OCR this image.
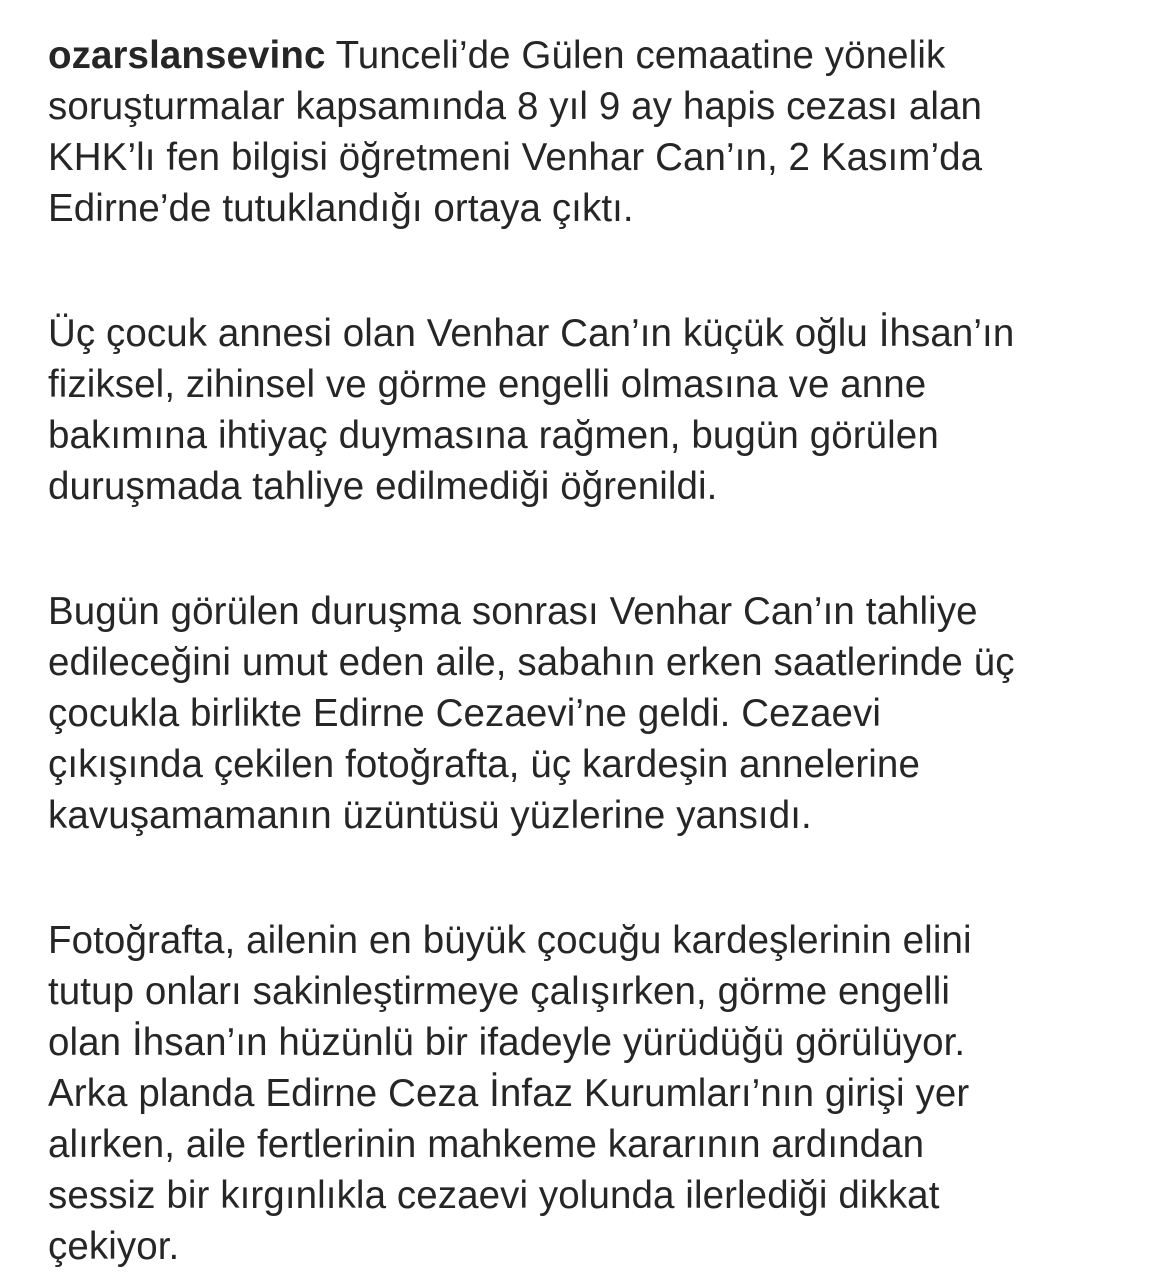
ozarslansevinc Tunceli’de Gülen cemaatine yönelik
soruşturmalar kapsamında 8 yıl 9 ay hapis cezası alan
KHK’lı fen bilgisi öğretmeni Venhar Can’ın, 2 Kasım’da
Edirne’de tutuklandığı ortaya çıktı.

Üç çocuk annesi olan Venhar Can’ın küçük oğlu İhsan’ın
fiziksel, zihinsel ve görme engelli olmasına ve anne
bakımına ihtiyaç duymasına rağmen, bugün görülen
duruşmada tahliye edilmediği öğrenildi.

Bugün görülen duruşma sonrası Venhar Can’ın tahliye
edileceğini umut eden aile, sabahın erken saatlerinde üç
çocukla birlikte Edirne Cezaevi’ne geldi. Cezaevi
çıkışında çekilen fotoğrafta, üç kardeşin annelerine
kavuşamamanın üzüntüsü yüzlerine yansıdı.

Fotoğrafta, ailenin en büyük çocuğu kardeşlerinin elini
tutup onları sakinleştirmeye çalışırken, görme engelli
olan İhsan’ın hüzünlü bir ifadeyle yürüdüğü görülüyor.
Arka planda Edirne Ceza İnfaz Kurumları’nın girişi yer
alırken, aile fertlerinin mahkeme kararının ardından
sessiz bir kırgınlıkla cezaevi yolunda ilerlediği dikkat
çekiyor.
